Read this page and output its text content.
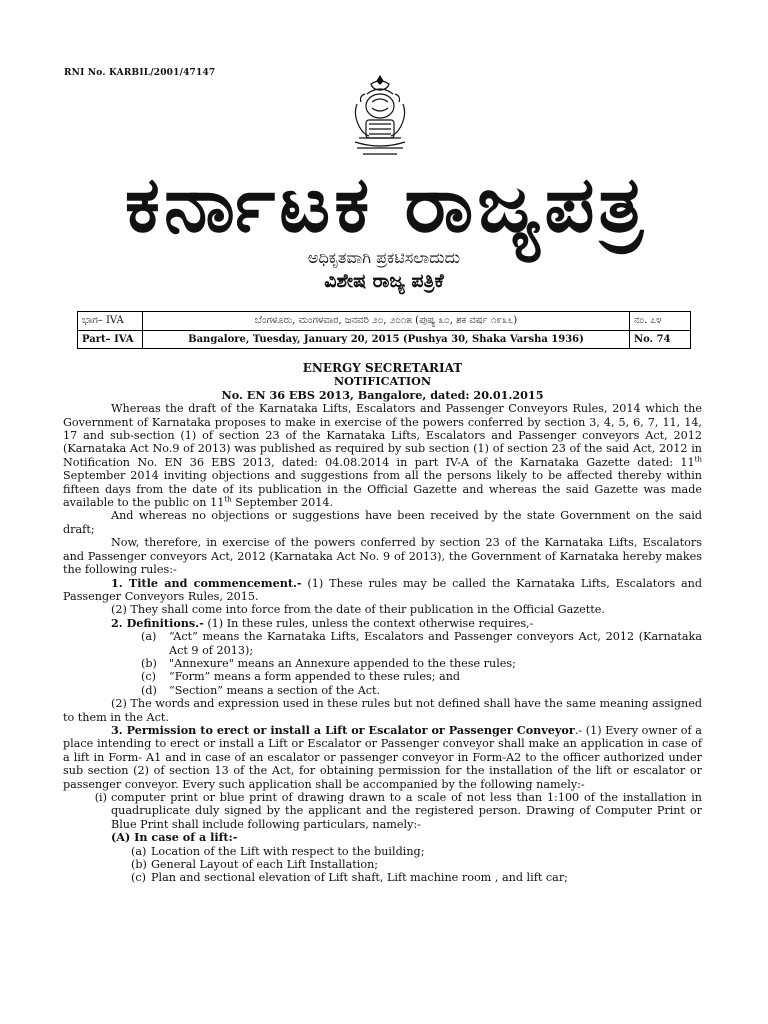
RNI No. KARBIL/2001/47147
ಕರ್ನಾಟಕ ರಾಜ್ಯಪತ್ರ
ಅಧಿಕೃತವಾಗಿ ಪ್ರಕಟಿಸಲಾದುದು
ವಿಶೇಷ ರಾಜ್ಯ ಪತ್ರಿಕೆ
ಭಾಗ– IVA	ಬೆಂಗಳೂರು, ಮಂಗಳವಾರ, ಜನವರಿ ೨೦, ೨೦೧೫ (ಪುಷ್ಯ ೩೦, ಶಕ ವರ್ಷ ೧೯೩೬)	ನಂ. ೭೪
Part– IVA	Bangalore, Tuesday, January 20, 2015 (Pushya 30, Shaka Varsha 1936)	No. 74

ENERGY SECRETARIAT

NOTIFICATION

No. EN 36 EBS 2013, Bangalore, dated: 20.01.2015

Whereas the draft of the Karnataka Lifts, Escalators and Passenger Conveyors Rules, 2014 which the Government of Karnataka proposes to make in exercise of the powers conferred by section 3, 4, 5, 6, 7, 11, 14, 17 and sub-section (1) of section 23 of the Karnataka Lifts, Escalators and Passenger conveyors Act, 2012 (Karnataka Act No.9 of 2013) was published as required by sub section (1) of section 23 of the said Act, 2012 in Notification No. EN 36 EBS 2013, dated: 04.08.2014 in part IV-A of the Karnataka Gazette dated: 11th September 2014 inviting objections and suggestions from all the persons likely to be affected thereby within fifteen days from the date of its publication in the Official Gazette and whereas the said Gazette was made available to the public on 11th September 2014.

And whereas no objections or suggestions have been received by the state Government on the said draft;

Now, therefore, in exercise of the powers conferred by section 23 of the Karnataka Lifts, Escalators and Passenger conveyors Act, 2012 (Karnataka Act No. 9 of 2013), the Government of Karnataka hereby makes the following rules:-

1. Title and commencement.- (1) These rules may be called the Karnataka Lifts, Escalators and Passenger Conveyors Rules, 2015.

(2) They shall come into force from the date of their publication in the Official Gazette.

2. Definitions.- (1) In these rules, unless the context otherwise requires,-

(a)	“Act” means the Karnataka Lifts, Escalators and Passenger conveyors Act, 2012 (Karnataka Act 9 of 2013);
(b)	"Annexure" means an Annexure appended to the these rules;
(c)	“Form” means a form appended to these rules; and
(d)	“Section” means a section of the Act.

(2) The words and expression used in these rules but not defined shall have the same meaning assigned to them in the Act.

3. Permission to erect or install a Lift or Escalator or Passenger Conveyor.- (1) Every owner of a place intending to erect or install a Lift or Escalator or Passenger conveyor shall make an application in case of a lift in Form- A1 and in case of an escalator or passenger conveyor in Form-A2 to the officer authorized under sub section (2) of section 13 of the Act, for obtaining permission for the installation of the lift or escalator or passenger conveyor. Every such application shall be accompanied by the following namely:-

(i) computer print or blue print of drawing drawn to a scale of not less than 1:100 of the installation in quadruplicate duly signed by the applicant and the registered person. Drawing of Computer Print or Blue Print shall include following particulars, namely:-

(A) In case of a lift:-

(a) Location of the Lift with respect to the building;
(b) General Layout of each Lift Installation;
(c) Plan and sectional elevation of Lift shaft, Lift machine room , and lift car;
